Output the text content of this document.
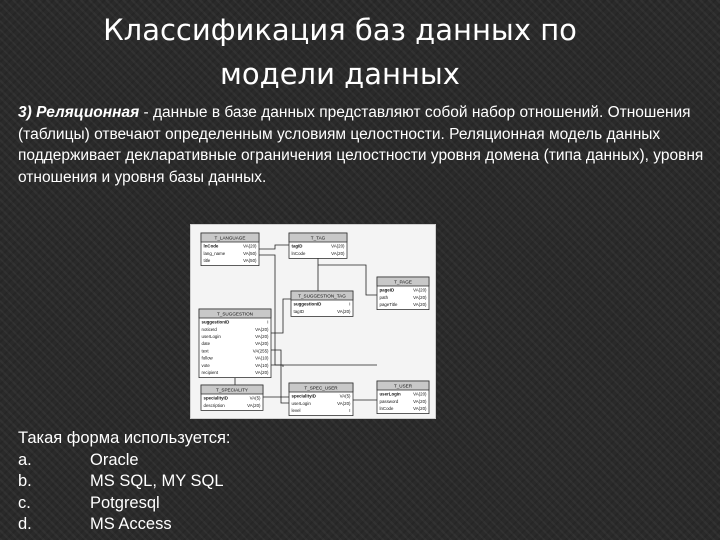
Классификация баз данных по
модели данных
3) Реляционная - данные в базе данных представляют собой набор отношений. Отношения (таблицы) отвечают определенным условиям целостности. Реляционная модель данных поддерживает декларативные ограничения целостности уровня домена (типа данных), уровня отношения и уровня базы данных.
T_LANGUAGE
lnCode	VA(20)
lang_name	VA(50)
title	VA(50)
T_TAG
tagID	VA(20)
lnCode	VA(20)
T_PAGE
pageID	VA(20)
path	VA(20)
pageTitle	VA(20)
T_SUGGESTION_TAG
suggestionID	I
tagID	VA(20)
T_SUGGESTION
suggestionID	I
noticeId	VA(20)
userLogin	VA(20)
date	VA(20)
text	VA(255)
follow	VA(10)
vote	VA(10)
recipient	VA(20)
T_SPECIALITY
specialityID	VA(5)
description	VA(20)
T_SPEC_USER
specialityID	VA(5)
userLogin	VA(20)
level	I
T_USER
userLogin	VA(20)
password	VA(20)
lnCode	VA(20)
Такая форма используется:
a.	Oracle
b.	MS SQL, MY SQL
c.	Potgresql
d.	MS Access
